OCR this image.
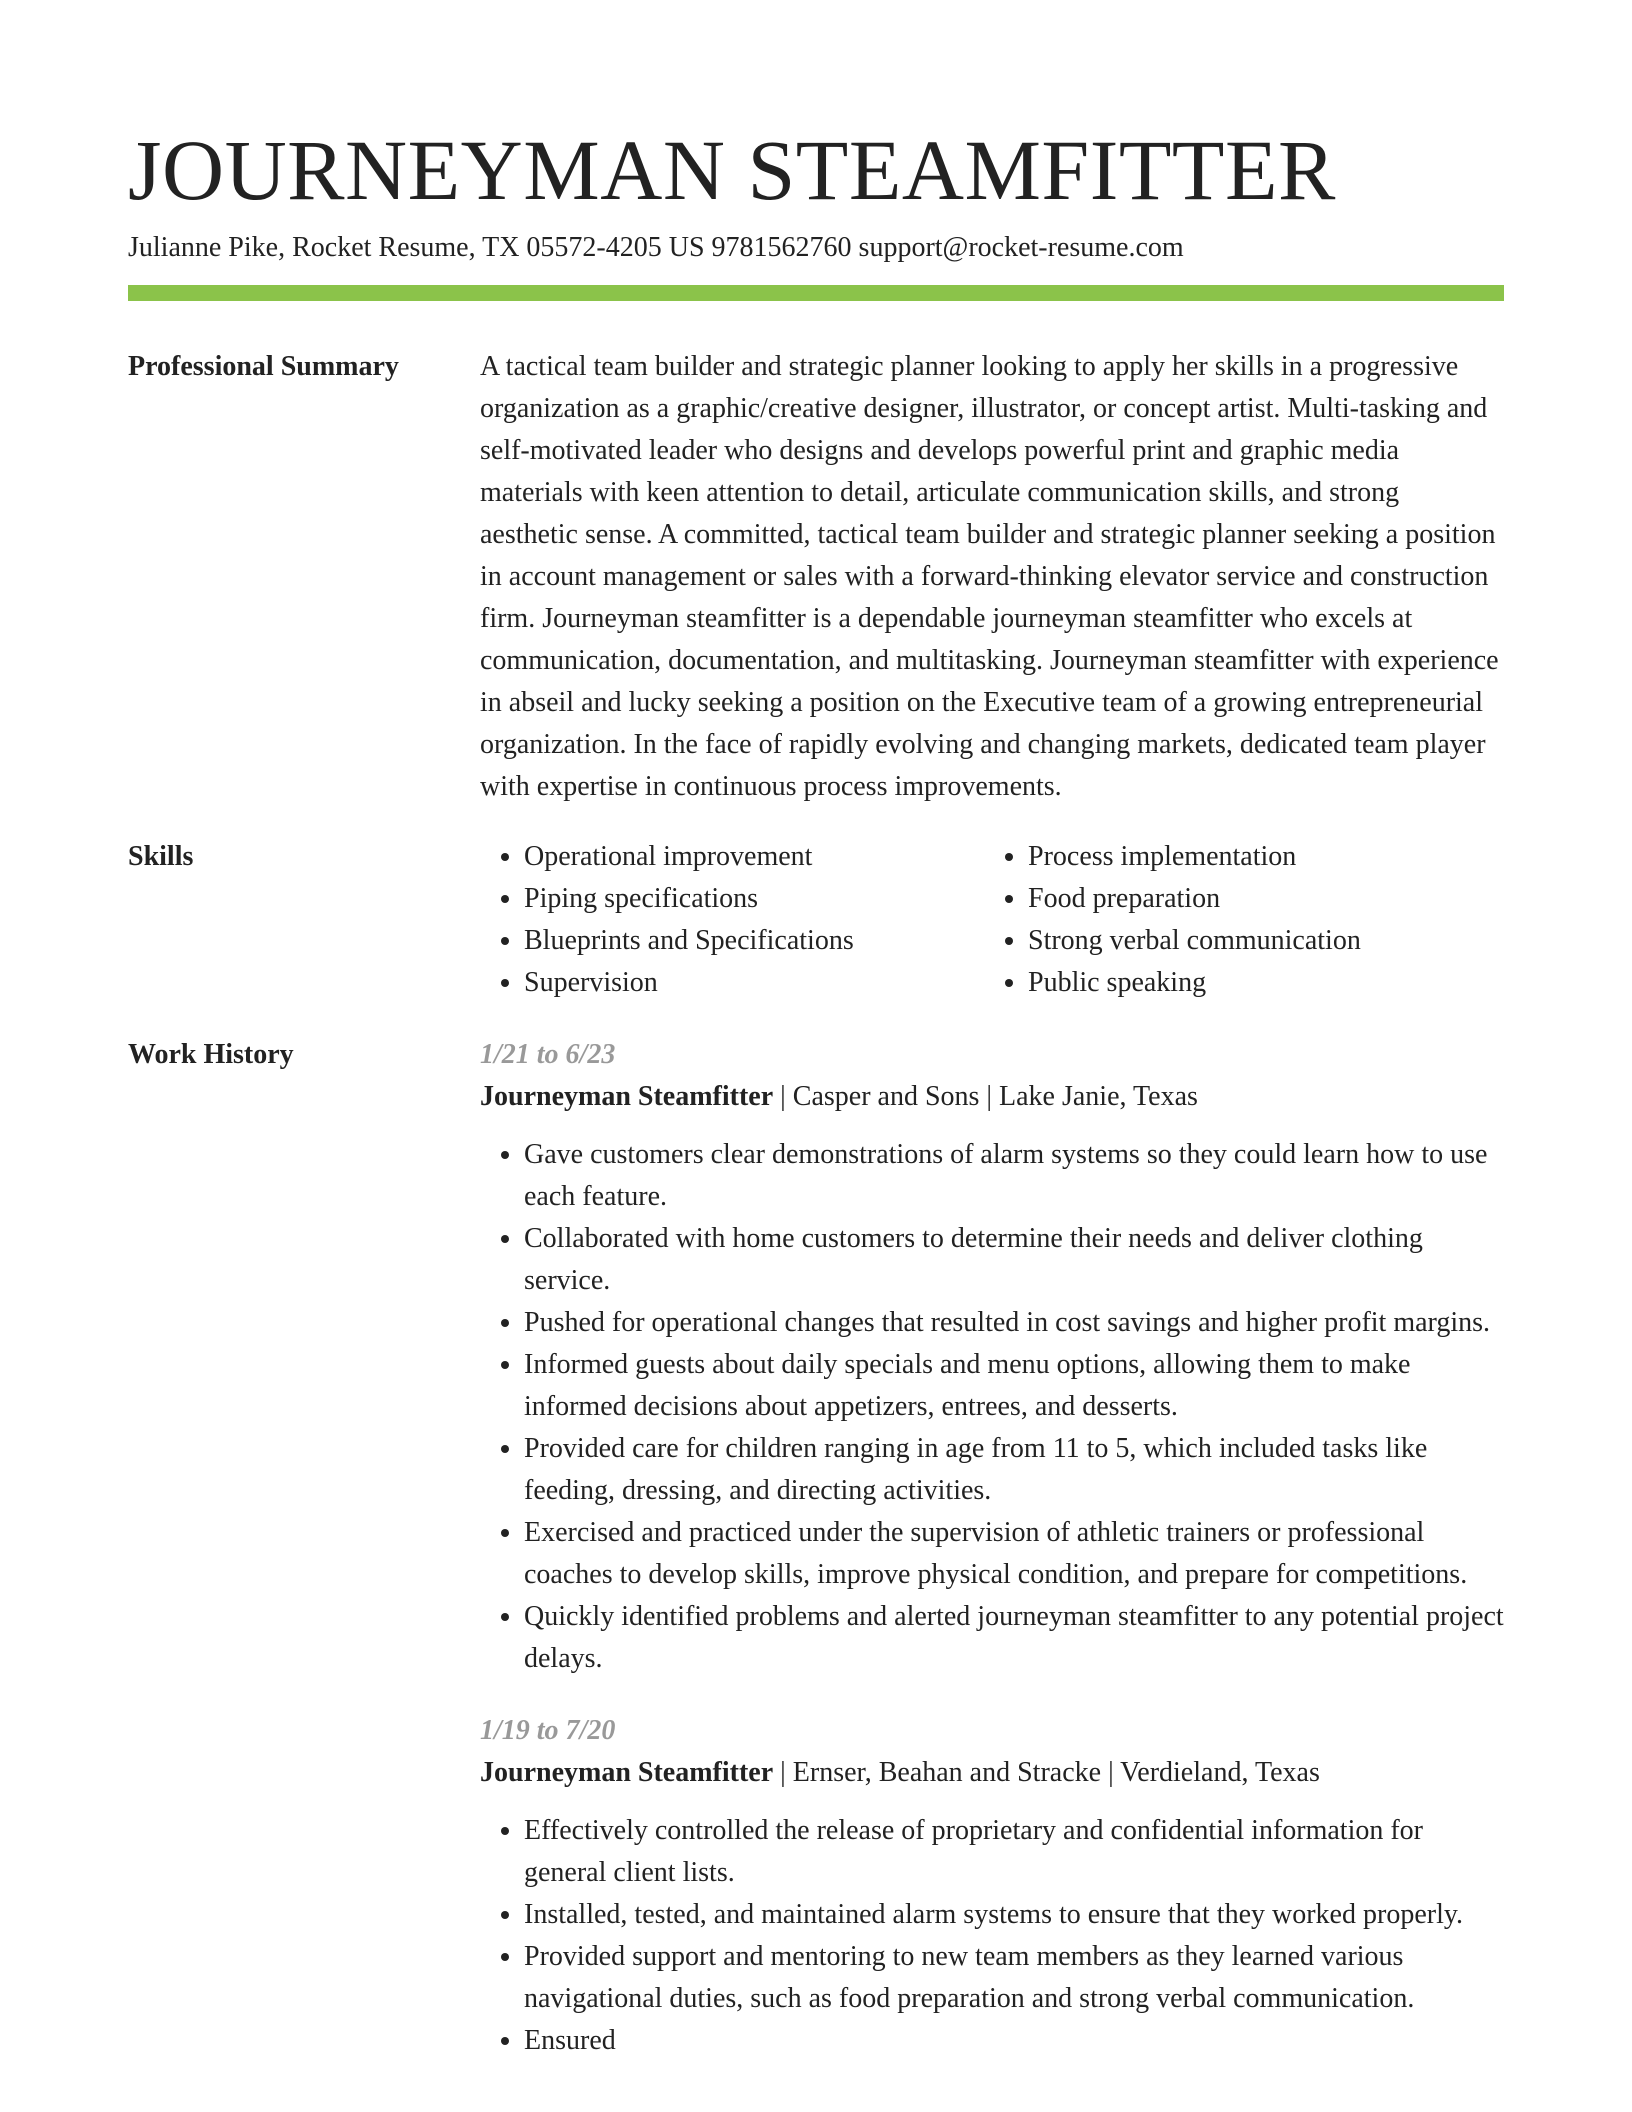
JOURNEYMAN STEAMFITTER
Julianne Pike, Rocket Resume, TX 05572-4205 US 9781562760 support@rocket-resume.com
Professional Summary	A tactical team builder and strategic planner looking to apply her skills in a progressive organization as a graphic/creative designer, illustrator, or concept artist. Multi-tasking and self-motivated leader who designs and develops powerful print and graphic media materials with keen attention to detail, articulate communication skills, and strong aesthetic sense. A committed, tactical team builder and strategic planner seeking a position in account management or sales with a forward-thinking elevator service and construction firm. Journeyman steamfitter is a dependable journeyman steamfitter who excels at communication, documentation, and multitasking. Journeyman steamfitter with experience in abseil and lucky seeking a position on the Executive team of a growing entrepreneurial organization. In the face of rapidly evolving and changing markets, dedicated team player with expertise in continuous process improvements.

Skills
•	Operational improvement
• Piping specifications
• Blueprints and Specifications
• Supervision
• Process implementation
• Food preparation
• Strong verbal communication
• Public speaking
Work History	1/21 to 6/23
Journeyman Steamfitter | Casper and Sons | Lake Janie, Texas
• Gave customers clear demonstrations of alarm systems so they could learn how to use each feature.
• Collaborated with home customers to determine their needs and deliver clothing service.
• Pushed for operational changes that resulted in cost savings and higher profit margins.
• Informed guests about daily specials and menu options, allowing them to make informed decisions about appetizers, entrees, and desserts.
• Provided care for children ranging in age from 11 to 5, which included tasks like feeding, dressing, and directing activities.
• Exercised and practiced under the supervision of athletic trainers or professional coaches to develop skills, improve physical condition, and prepare for competitions.
• Quickly identified problems and alerted journeyman steamfitter to any potential project delays.
1/19 to 7/20
Journeyman Steamfitter | Ernser, Beahan and Stracke | Verdieland, Texas
• Effectively controlled the release of proprietary and confidential information for general client lists.
• Installed, tested, and maintained alarm systems to ensure that they worked properly.
• Provided support and mentoring to new team members as they learned various navigational duties, such as food preparation and strong verbal communication.
• Ensured
